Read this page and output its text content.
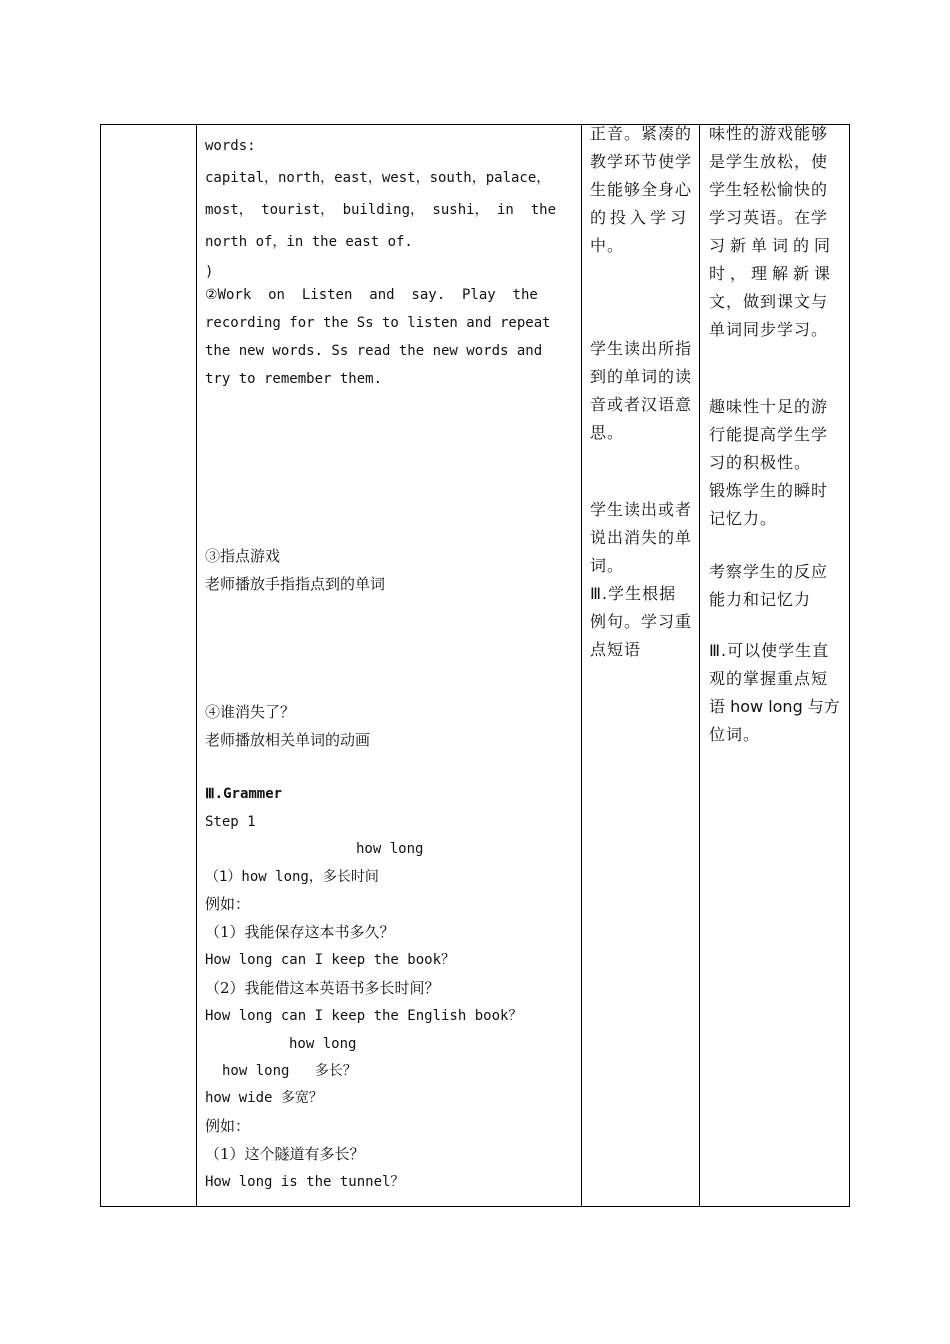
words:
capital，north，east，west，south，palace，
most， tourist， building， sushi， in  the
north of，in the east of.
)
②Work  on  Listen  and  say.  Play  the
recording for the Ss to listen and repeat
the new words. Ss read the new words and
try to remember them.
③指点游戏
老师播放手指指点到的单词
④谁消失了？
老师播放相关单词的动画
Ⅲ.Grammer
Step 1
how long
（1）how long，多长时间
例如：
（1）我能保存这本书多久？
How long can I keep the book？
（2）我能借这本英语书多长时间？
How long can I keep the English book？
how long
how long   多长？
how wide 多宽？
例如：
（1）这个隧道有多长？
How long is the tunnel？
正音。紧凑的
教学环节使学
生能够全身心
的投入学习
中。
学生读出所指
到的单词的读
音或者汉语意
思。
学生读出或者
说出消失的单
词。
Ⅲ.学生根据
例句。学习重
点短语
味性的游戏能够
是学生放松，使
学生轻松愉快的
学习英语。在学
习新单词的同
时，理解新课
文，做到课文与
单词同步学习。
趣味性十足的游
行能提高学生学
习的积极性。
锻炼学生的瞬时
记忆力。
考察学生的反应
能力和记忆力
Ⅲ.可以使学生直
观的掌握重点短
语 how long 与方
位词。
